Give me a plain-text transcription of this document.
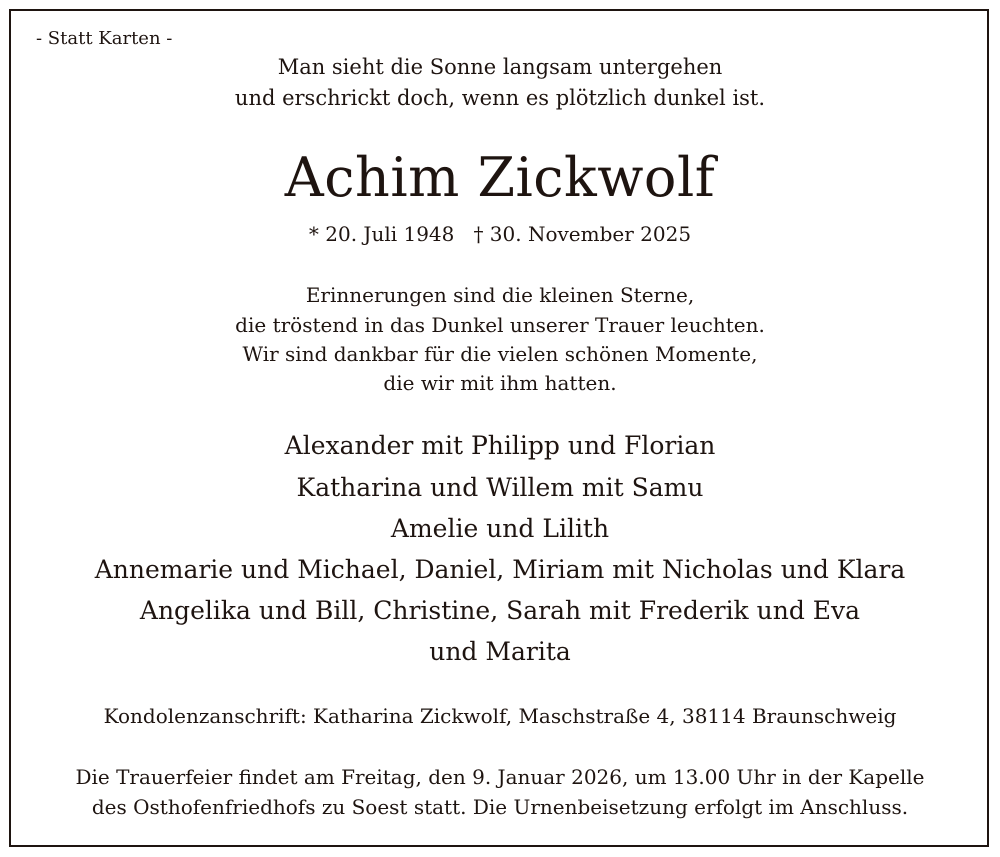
- Statt Karten -
Man sieht die Sonne langsam untergehen
und erschrickt doch, wenn es plötzlich dunkel ist.
Achim Zickwolf
* 20. Juli 1948   † 30. November 2025
Erinnerungen sind die kleinen Sterne,
die tröstend in das Dunkel unserer Trauer leuchten.
Wir sind dankbar für die vielen schönen Momente,
die wir mit ihm hatten.
Alexander mit Philipp und Florian
Katharina und Willem mit Samu
Amelie und Lilith
Annemarie und Michael, Daniel, Miriam mit Nicholas und Klara
Angelika und Bill, Christine, Sarah mit Frederik und Eva
und Marita
Kondolenzanschrift: Katharina Zickwolf, Maschstraße 4, 38114 Braunschweig
Die Trauerfeier findet am Freitag, den 9. Januar 2026, um 13.00 Uhr in der Kapelle
des Osthofenfriedhofs zu Soest statt. Die Urnenbeisetzung erfolgt im Anschluss.
